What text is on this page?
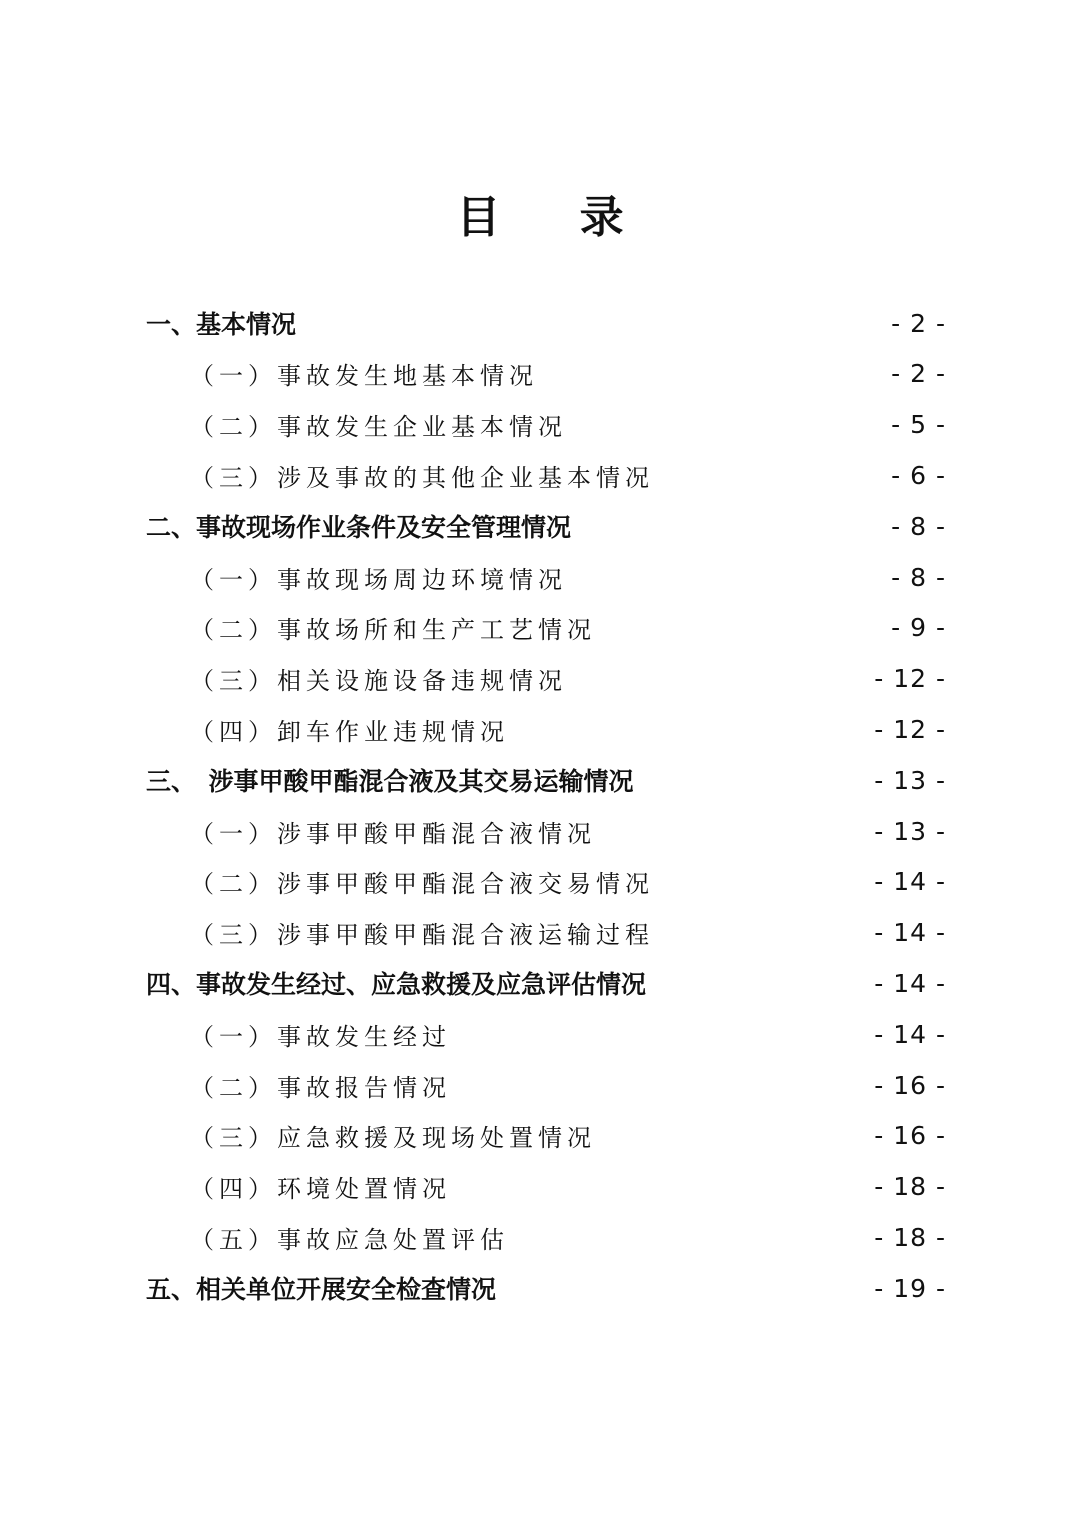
目 录
一、基本情况	- 2 -
（一）事故发生地基本情况	- 2 -
（二）事故发生企业基本情况	- 5 -
（三）涉及事故的其他企业基本情况	- 6 -
二、事故现场作业条件及安全管理情况	- 8 -
（一）事故现场周边环境情况	- 8 -
（二）事故场所和生产工艺情况	- 9 -
（三）相关设施设备违规情况	- 12 -
（四）卸车作业违规情况	- 12 -
三、　涉事甲酸甲酯混合液及其交易运输情况	- 13 -
（一）涉事甲酸甲酯混合液情况	- 13 -
（二）涉事甲酸甲酯混合液交易情况	- 14 -
（三）涉事甲酸甲酯混合液运输过程	- 14 -
四、事故发生经过、应急救援及应急评估情况	- 14 -
（一）事故发生经过	- 14 -
（二）事故报告情况	- 16 -
（三）应急救援及现场处置情况	- 16 -
（四）环境处置情况	- 18 -
（五）事故应急处置评估	- 18 -
五、相关单位开展安全检查情况	- 19 -
